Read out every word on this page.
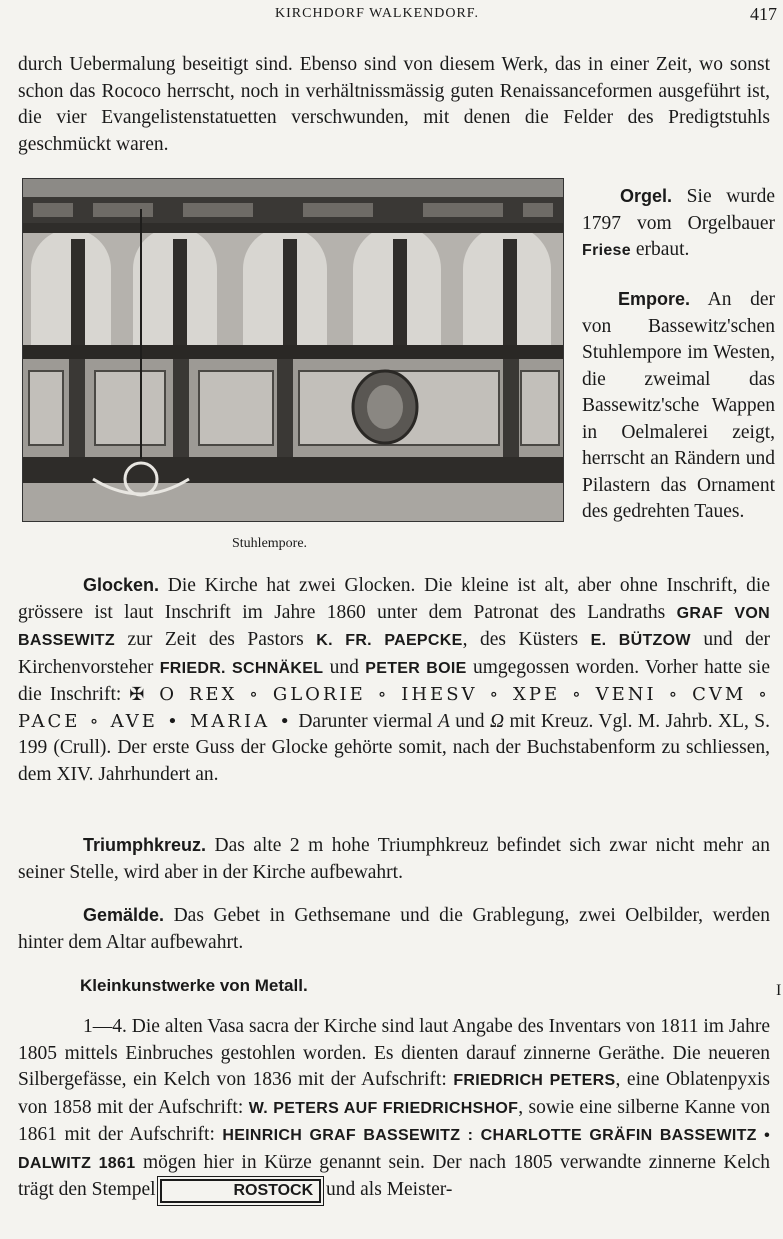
KIRCHDORF WALKENDORF.	417

durch Uebermalung beseitigt sind. Ebenso sind von diesem Werk, das in einer Zeit, wo sonst schon das Rococo herrscht, noch in verhältnissmässig guten Renaissanceformen ausgeführt ist, die vier Evangelistenstatuetten verschwunden, mit denen die Felder des Predigtstuhls geschmückt waren.

Stuhlempore.

Orgel. Sie wurde 1797 vom Orgelbauer Friese erbaut.

Empore. An der von Bassewitz'schen Stuhlempore im Westen, die zweimal das Bassewitz'sche Wappen in Oelmalerei zeigt, herrscht an Rändern und Pilastern das Ornament des gedrehten Taues.

Glocken. Die Kirche hat zwei Glocken. Die kleine ist alt, aber ohne Inschrift, die grössere ist laut Inschrift im Jahre 1860 unter dem Patronat des Landraths GRAF VON BASSEWITZ zur Zeit des Pastors K. FR. PAEPCKE, des Küsters E. BÜTZOW und der Kirchenvorsteher FRIEDR. SCHNÄKEL und PETER BOIE umgegossen worden. Vorher hatte sie die Inschrift: ✠ O REX ∘ GLORIE ∘ IHESV ∘ XPE ∘ VENI ∘ CVM ∘ PACE ∘ AVE • MARIA • Darunter viermal A und Ω mit Kreuz. Vgl. M. Jahrb. XL, S. 199 (Crull). Der erste Guss der Glocke gehörte somit, nach der Buchstabenform zu schliessen, dem XIV. Jahrhundert an.

Triumphkreuz. Das alte 2 m hohe Triumphkreuz befindet sich zwar nicht mehr an seiner Stelle, wird aber in der Kirche aufbewahrt.

Gemälde. Das Gebet in Gethsemane und die Grablegung, zwei Oelbilder, werden hinter dem Altar aufbewahrt.

Kleinkunstwerke von Metall.	I

1—4. Die alten Vasa sacra der Kirche sind laut Angabe des Inventars von 1811 im Jahre 1805 mittels Einbruches gestohlen worden. Es dienten darauf zinnerne Geräthe. Die neueren Silbergefässe, ein Kelch von 1836 mit der Aufschrift: FRIEDRICH PETERS, eine Oblatenpyxis von 1858 mit der Aufschrift: W. PETERS AUF FRIEDRICHSHOF, sowie eine silberne Kanne von 1861 mit der Aufschrift: HEINRICH GRAF BASSEWITZ : CHARLOTTE GRÄFIN BASSEWITZ • DALWITZ 1861 mögen hier in Kürze genannt sein. Der nach 1805 verwandte zinnerne Kelch trägt den Stempel	ROSTOCK und als Meister-
